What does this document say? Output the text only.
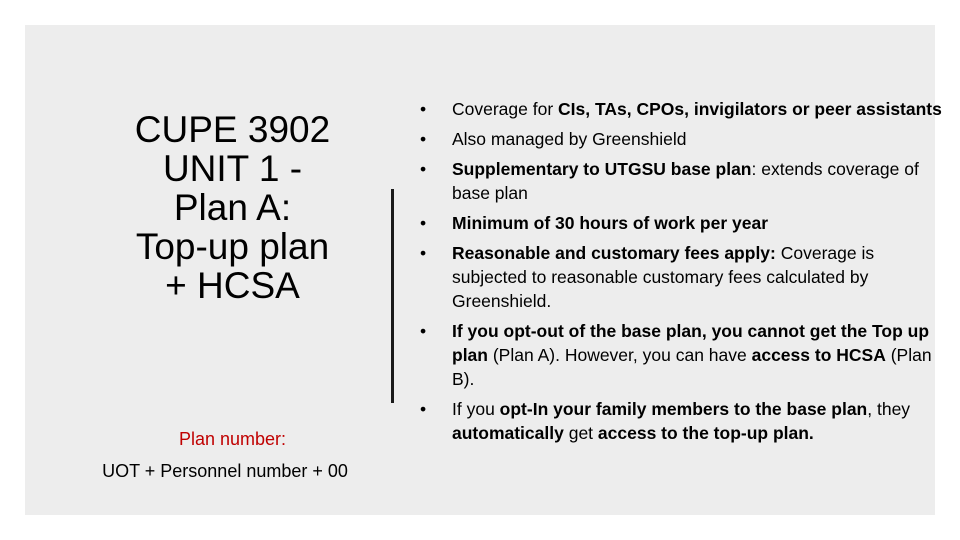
CUPE 3902
UNIT 1 -
Plan A:
Top-up plan
+ HCSA
Plan number:
UOT + Personnel number + 00
• Coverage for CIs, TAs, CPOs, invigilators or peer assistants
• Also managed by Greenshield
• Supplementary to UTGSU base plan: extends coverage of base plan
• Minimum of 30 hours of work per year
• Reasonable and customary fees apply: Coverage is subjected to reasonable customary fees calculated by Greenshield.
• If you opt-out of the base plan, you cannot get the Top up plan (Plan A). However, you can have access to HCSA (Plan B).
• If you opt-In your family members to the base plan, they automatically get access to the top-up plan.
